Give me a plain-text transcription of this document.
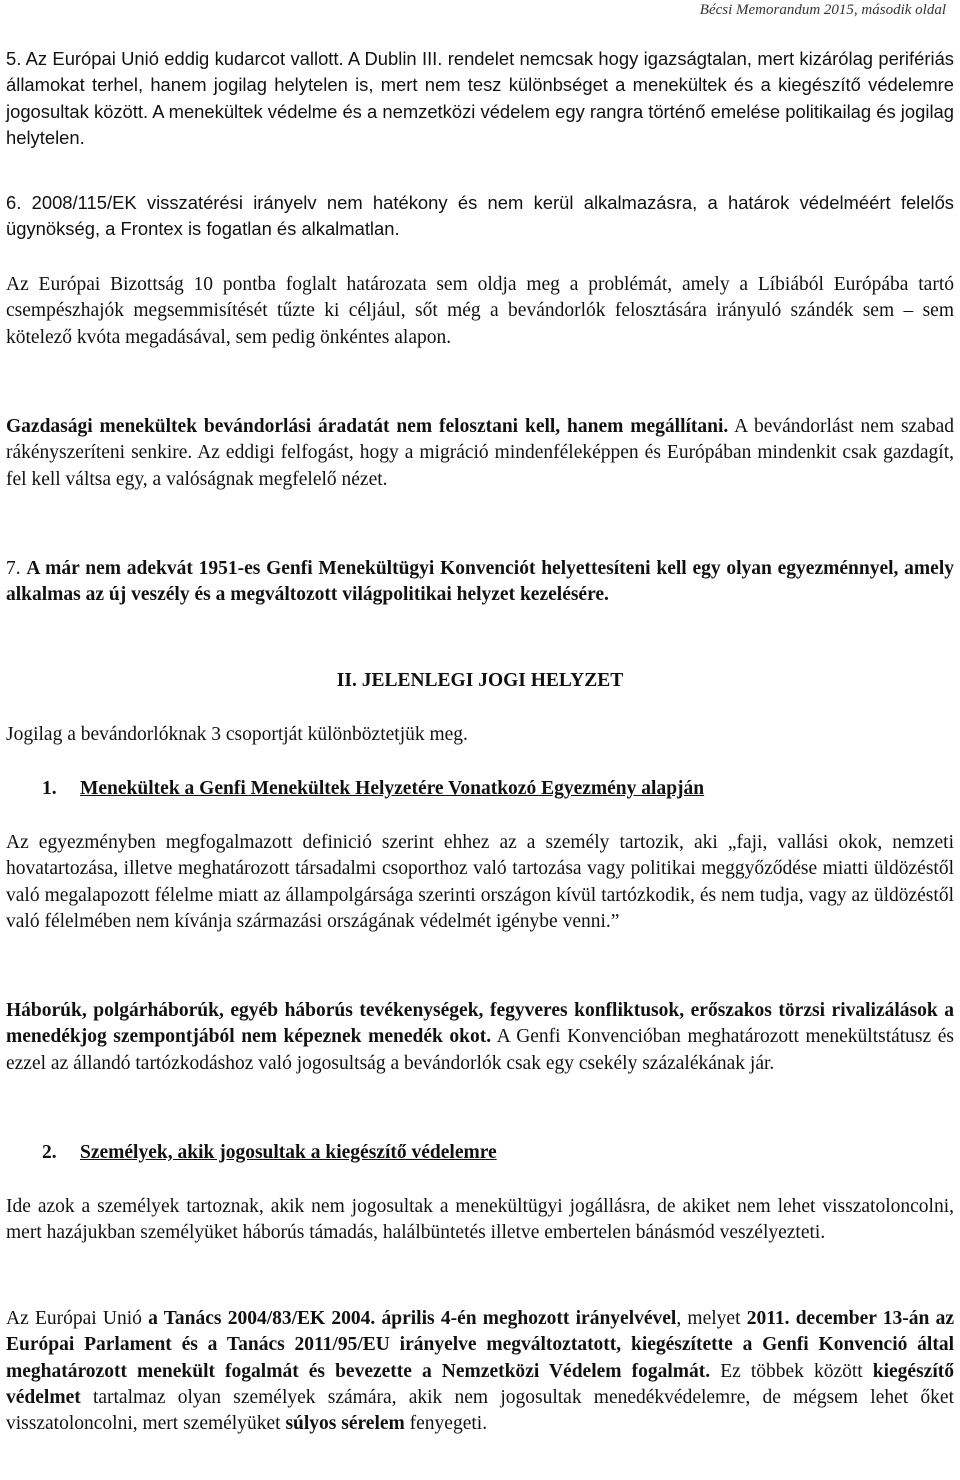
Bécsi Memorandum 2015, második oldal

5. Az Európai Unió eddig kudarcot vallott. A Dublin III. rendelet nemcsak hogy igazságtalan, mert kizárólag perifériás államokat terhel, hanem jogilag helytelen is, mert nem tesz különbséget a menekültek és a kiegészítő védelemre jogosultak között. A menekültek védelme és a nemzetközi védelem egy rangra történő emelése politikailag és jogilag helytelen.

6. 2008/115/EK visszatérési irányelv nem hatékony és nem kerül alkalmazásra, a határok védelméért felelős ügynökség, a Frontex is fogatlan és alkalmatlan.

Az Európai Bizottság 10 pontba foglalt határozata sem oldja meg a problémát, amely a Líbiából Európába tartó csempészhajók megsemmisítését tűzte ki céljául, sőt még a bevándorlók felosztására irányuló szándék sem – sem kötelező kvóta megadásával, sem pedig önkéntes alapon.

Gazdasági menekültek bevándorlási áradatát nem felosztani kell, hanem megállítani. A bevándorlást nem szabad rákényszeríteni senkire. Az eddigi felfogást, hogy a migráció mindenféleképpen és Európában mindenkit csak gazdagít, fel kell váltsa egy, a valóságnak megfelelő nézet.

7. A már nem adekvát 1951-es Genfi Menekültügyi Konvenciót helyettesíteni kell egy olyan egyezménnyel, amely alkalmas az új veszély és a megváltozott világpolitikai helyzet kezelésére.

II. JELENLEGI JOGI HELYZET

Jogilag a bevándorlóknak 3 csoportját különböztetjük meg.

1. Menekültek a Genfi Menekültek Helyzetére Vonatkozó Egyezmény alapján

Az egyezményben megfogalmazott definició szerint ehhez az a személy tartozik, aki „faji, vallási okok, nemzeti hovatartozása, illetve meghatározott társadalmi csoporthoz való tartozása vagy politikai meggyőződése miatti üldözéstől való megalapozott félelme miatt az állampolgársága szerinti országon kívül tartózkodik, és nem tudja, vagy az üldözéstől való félelmében nem kívánja származási országának védelmét igénybe venni.”

Háborúk, polgárháborúk, egyéb háborús tevékenységek, fegyveres konfliktusok, erőszakos törzsi rivalizálások a menedékjog szempontjából nem képeznek menedék okot. A Genfi Konvencióban meghatározott menekültstátusz és ezzel az állandó tartózkodáshoz való jogosultság a bevándorlók csak egy csekély százalékának jár.

2. Személyek, akik jogosultak a kiegészítő védelemre

Ide azok a személyek tartoznak, akik nem jogosultak a menekültügyi jogállásra, de akiket nem lehet visszatoloncolni, mert hazájukban személyüket háborús támadás, halálbüntetés illetve embertelen bánásmód veszélyezteti.

Az Európai Unió a Tanács 2004/83/EK 2004. április 4-én meghozott irányelvével, melyet 2011. december 13-án az Európai Parlament és a Tanács 2011/95/EU irányelve megváltoztatott, kiegészítette a Genfi Konvenció által meghatározott menekült fogalmát és bevezette a Nemzetközi Védelem fogalmát. Ez többek között kiegészítő védelmet tartalmaz olyan személyek számára, akik nem jogosultak menedékvédelemre, de mégsem lehet őket visszatoloncolni, mert személyüket súlyos sérelem fenyegeti.
